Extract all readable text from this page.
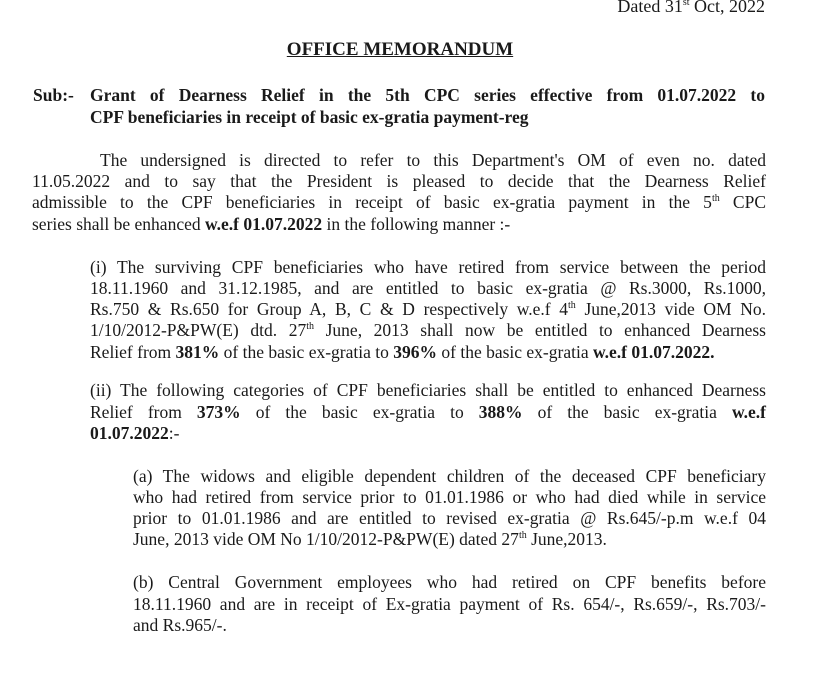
Dated 31st Oct, 2022
OFFICE MEMORANDUM
Sub:- Grant of Dearness Relief in the 5th CPC series effective from 01.07.2022 to
CPF beneficiaries in receipt of basic ex-gratia payment-reg
The undersigned is directed to refer to this Department's OM of even no. dated
11.05.2022 and to say that the President is pleased to decide that the Dearness Relief
admissible to the CPF beneficiaries in receipt of basic ex-gratia payment in the 5th CPC
series shall be enhanced w.e.f 01.07.2022 in the following manner :-
(i) The surviving CPF beneficiaries who have retired from service between the period
18.11.1960 and 31.12.1985, and are entitled to basic ex-gratia @ Rs.3000, Rs.1000,
Rs.750 & Rs.650 for Group A, B, C & D respectively w.e.f 4th June,2013 vide OM No.
1/10/2012-P&PW(E) dtd. 27th June, 2013 shall now be entitled to enhanced Dearness
Relief from 381% of the basic ex-gratia to 396% of the basic ex-gratia w.e.f 01.07.2022.
(ii) The following categories of CPF beneficiaries shall be entitled to enhanced Dearness
Relief from 373% of the basic ex-gratia to 388% of the basic ex-gratia w.e.f
01.07.2022:-
(a) The widows and eligible dependent children of the deceased CPF beneficiary
who had retired from service prior to 01.01.1986 or who had died while in service
prior to 01.01.1986 and are entitled to revised ex-gratia @ Rs.645/-p.m w.e.f 04
June, 2013 vide OM No 1/10/2012-P&PW(E) dated 27th June,2013.
(b) Central Government employees who had retired on CPF benefits before
18.11.1960 and are in receipt of Ex-gratia payment of Rs. 654/-, Rs.659/-, Rs.703/-
and Rs.965/-.
